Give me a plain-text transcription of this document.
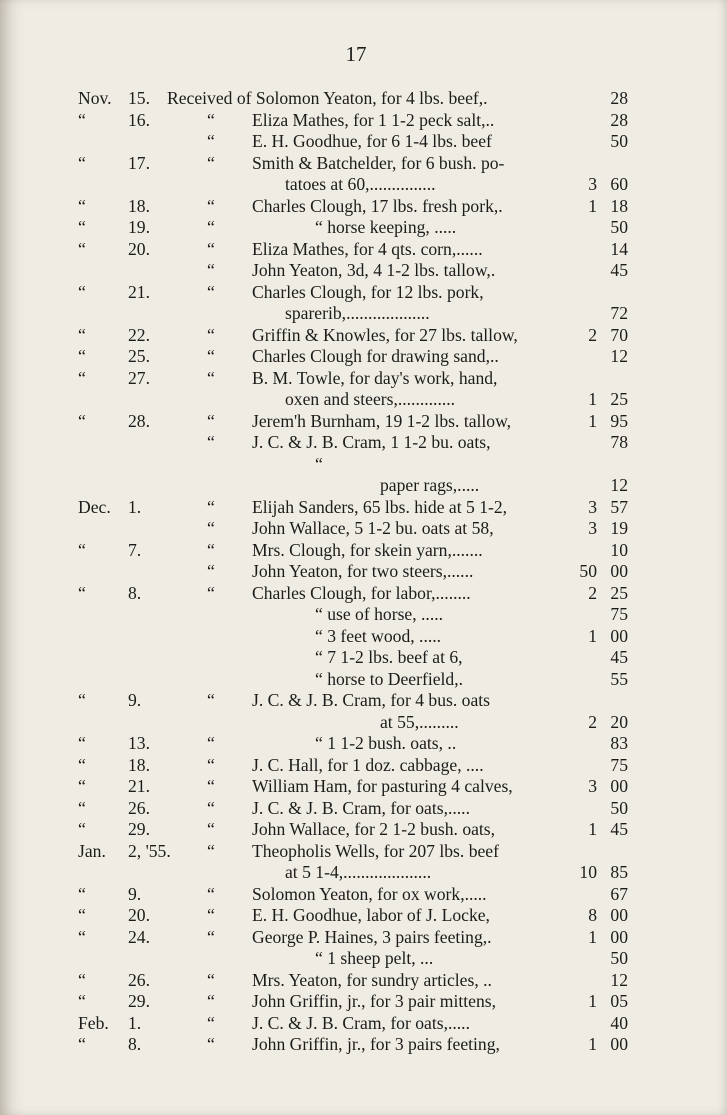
17
Nov. 15. Received of Solomon Yeaton, for 4 lbs. beef,.	28
“ 16.	“ Eliza Mathes, for 1 1-2 peck salt,..	28
“ E. H. Goodhue, for 6 1-4 lbs. beef	50
“ 17.	“ Smith & Batchelder, for 6 bush. po-
tatoes at 60,...............	3 60
“ 18.	“ Charles Clough, 17 lbs. fresh pork,.	1 18
“ 19.	“	“ horse keeping, .....	50
“ 20.	“ Eliza Mathes, for 4 qts. corn,......	14
“ John Yeaton, 3d, 4 1-2 lbs. tallow,.	45
“ 21.	“ Charles Clough, for 12 lbs. pork,
sparerib,...................	72
“ 22.	“ Griffin & Knowles, for 27 lbs. tallow,	2 70
“ 25.	“ Charles Clough for drawing sand,..	12
“ 27.	“ B. M. Towle, for day's work, hand,
oxen and steers,.............	1 25
“ 28.	“ Jerem'h Burnham, 19 1-2 lbs. tallow,	1 95
“ J. C. & J. B. Cram, 1 1-2 bu. oats,	78
“
paper rags,.....	12
Dec. 1.	“ Elijah Sanders, 65 lbs. hide at 5 1-2,	3 57
“ John Wallace, 5 1-2 bu. oats at 58,	3 19
“ 7.	“ Mrs. Clough, for skein yarn,.......	10
“ John Yeaton, for two steers,......	50 00
“ 8.	“ Charles Clough, for labor,........	2 25
“ use of horse, .....	75
“ 3 feet wood, .....	1 00
“ 7 1-2 lbs. beef at 6,	45
“ horse to Deerfield,.	55
“ 9.	“ J. C. & J. B. Cram, for 4 bus. oats
at 55,.........	2 20
“ 13.	“	“ 1 1-2 bush. oats, ..	83
“ 18.	“ J. C. Hall, for 1 doz. cabbage, ....	75
“ 21.	“ William Ham, for pasturing 4 calves,	3 00
“ 26.	“ J. C. & J. B. Cram, for oats,.....	50
“ 29.	“ John Wallace, for 2 1-2 bush. oats,	1 45
Jan. 2, '55. “ Theopholis Wells, for 207 lbs. beef
at 5 1-4,....................	10 85
“ 9.	“ Solomon Yeaton, for ox work,.....	67
“ 20.	“ E. H. Goodhue, labor of J. Locke,	8 00
“ 24.	“ George P. Haines, 3 pairs feeting,.	1 00
“ 1 sheep pelt, ...	50
“ 26.	“ Mrs. Yeaton, for sundry articles, ..	12
“ 29.	“ John Griffin, jr., for 3 pair mittens,	1 05
Feb. 1.	“ J. C. & J. B. Cram, for oats,.....	40
“ 8.	“ John Griffin, jr., for 3 pairs feeting,	1 00
